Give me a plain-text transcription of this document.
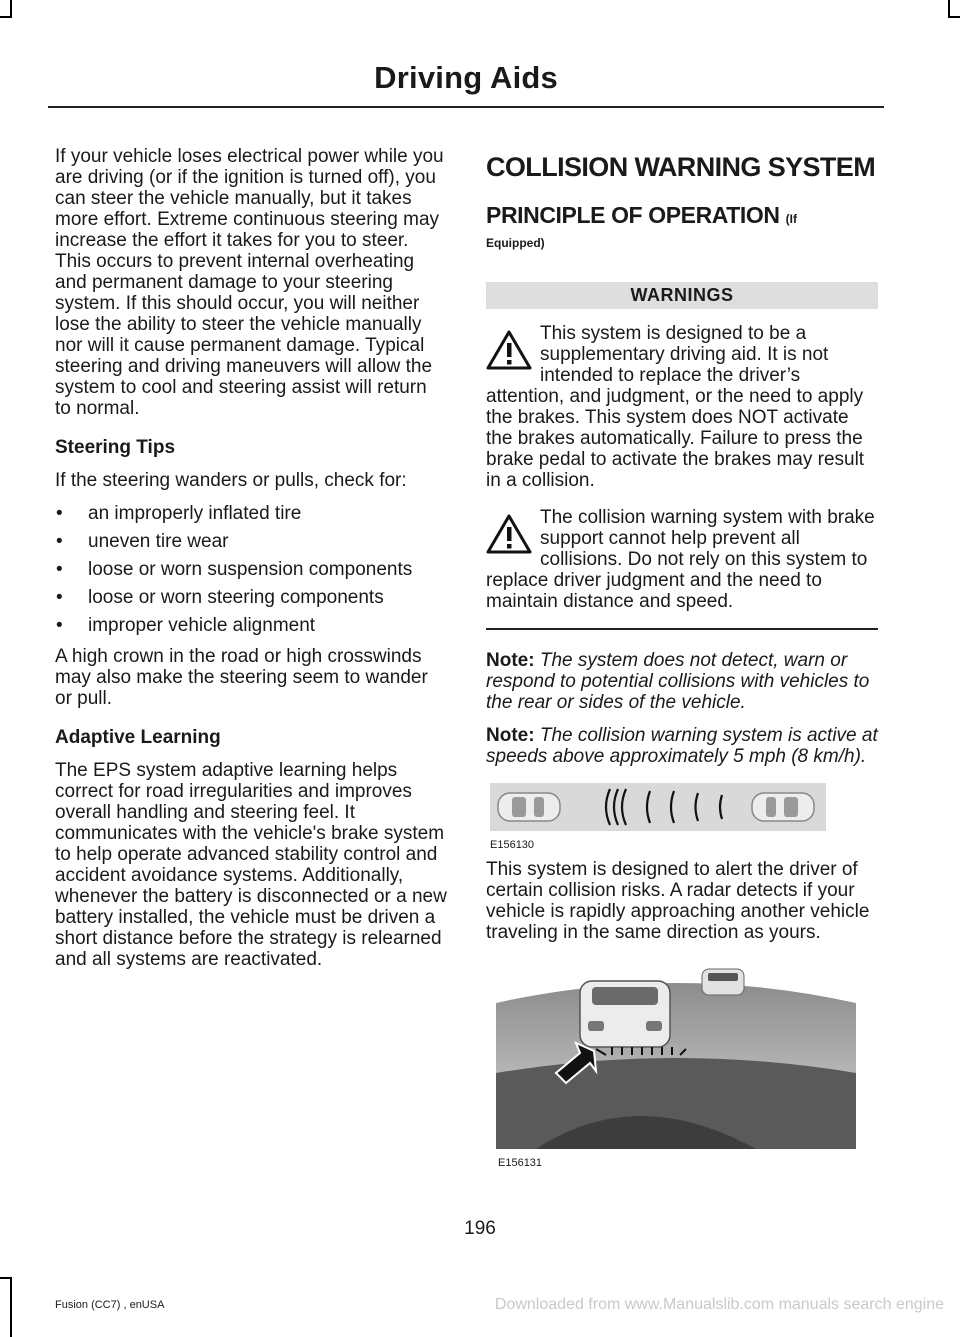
Driving Aids

If your vehicle loses electrical power while you are driving (or if the ignition is turned off), you can steer the vehicle manually, but it takes more effort. Extreme continuous steering may increase the effort it takes for you to steer. This occurs to prevent internal overheating and permanent damage to your steering system. If this should occur, you will neither lose the ability to steer the vehicle manually nor will it cause permanent damage. Typical steering and driving maneuvers will allow the system to cool and steering assist will return to normal.

Steering Tips

If the steering wanders or pulls, check for:

• an improperly inflated tire
• uneven tire wear
• loose or worn suspension components
• loose or worn steering components
• improper vehicle alignment

A high crown in the road or high crosswinds may also make the steering seem to wander or pull.

Adaptive Learning

The EPS system adaptive learning helps correct for road irregularities and improves overall handling and steering feel. It communicates with the vehicle's brake system to help operate advanced stability control and accident avoidance systems. Additionally, whenever the battery is disconnected or a new battery installed, the vehicle must be driven a short distance before the strategy is relearned and all systems are reactivated.

COLLISION WARNING SYSTEM
PRINCIPLE OF OPERATION (If
Equipped)
WARNINGS
This system is designed to be a supplementary driving aid. It is not intended to replace the driver’s attention, and judgment, or the need to apply the brakes. This system does NOT activate the brakes automatically. Failure to press the brake pedal to activate the brakes may result in a collision.
The collision warning system with brake support cannot help prevent all collisions. Do not rely on this system to replace driver judgment and the need to maintain distance and speed.

Note: The system does not detect, warn or respond to potential collisions with vehicles to the rear or sides of the vehicle.

Note: The collision warning system is active at speeds above approximately 5 mph (8 km/h).

E156130

This system is designed to alert the driver of certain collision risks. A radar detects if your vehicle is rapidly approaching another vehicle traveling in the same direction as yours.

E156131
196
Fusion (CC7) , enUSA	Downloaded from www.Manualslib.com manuals search engine
